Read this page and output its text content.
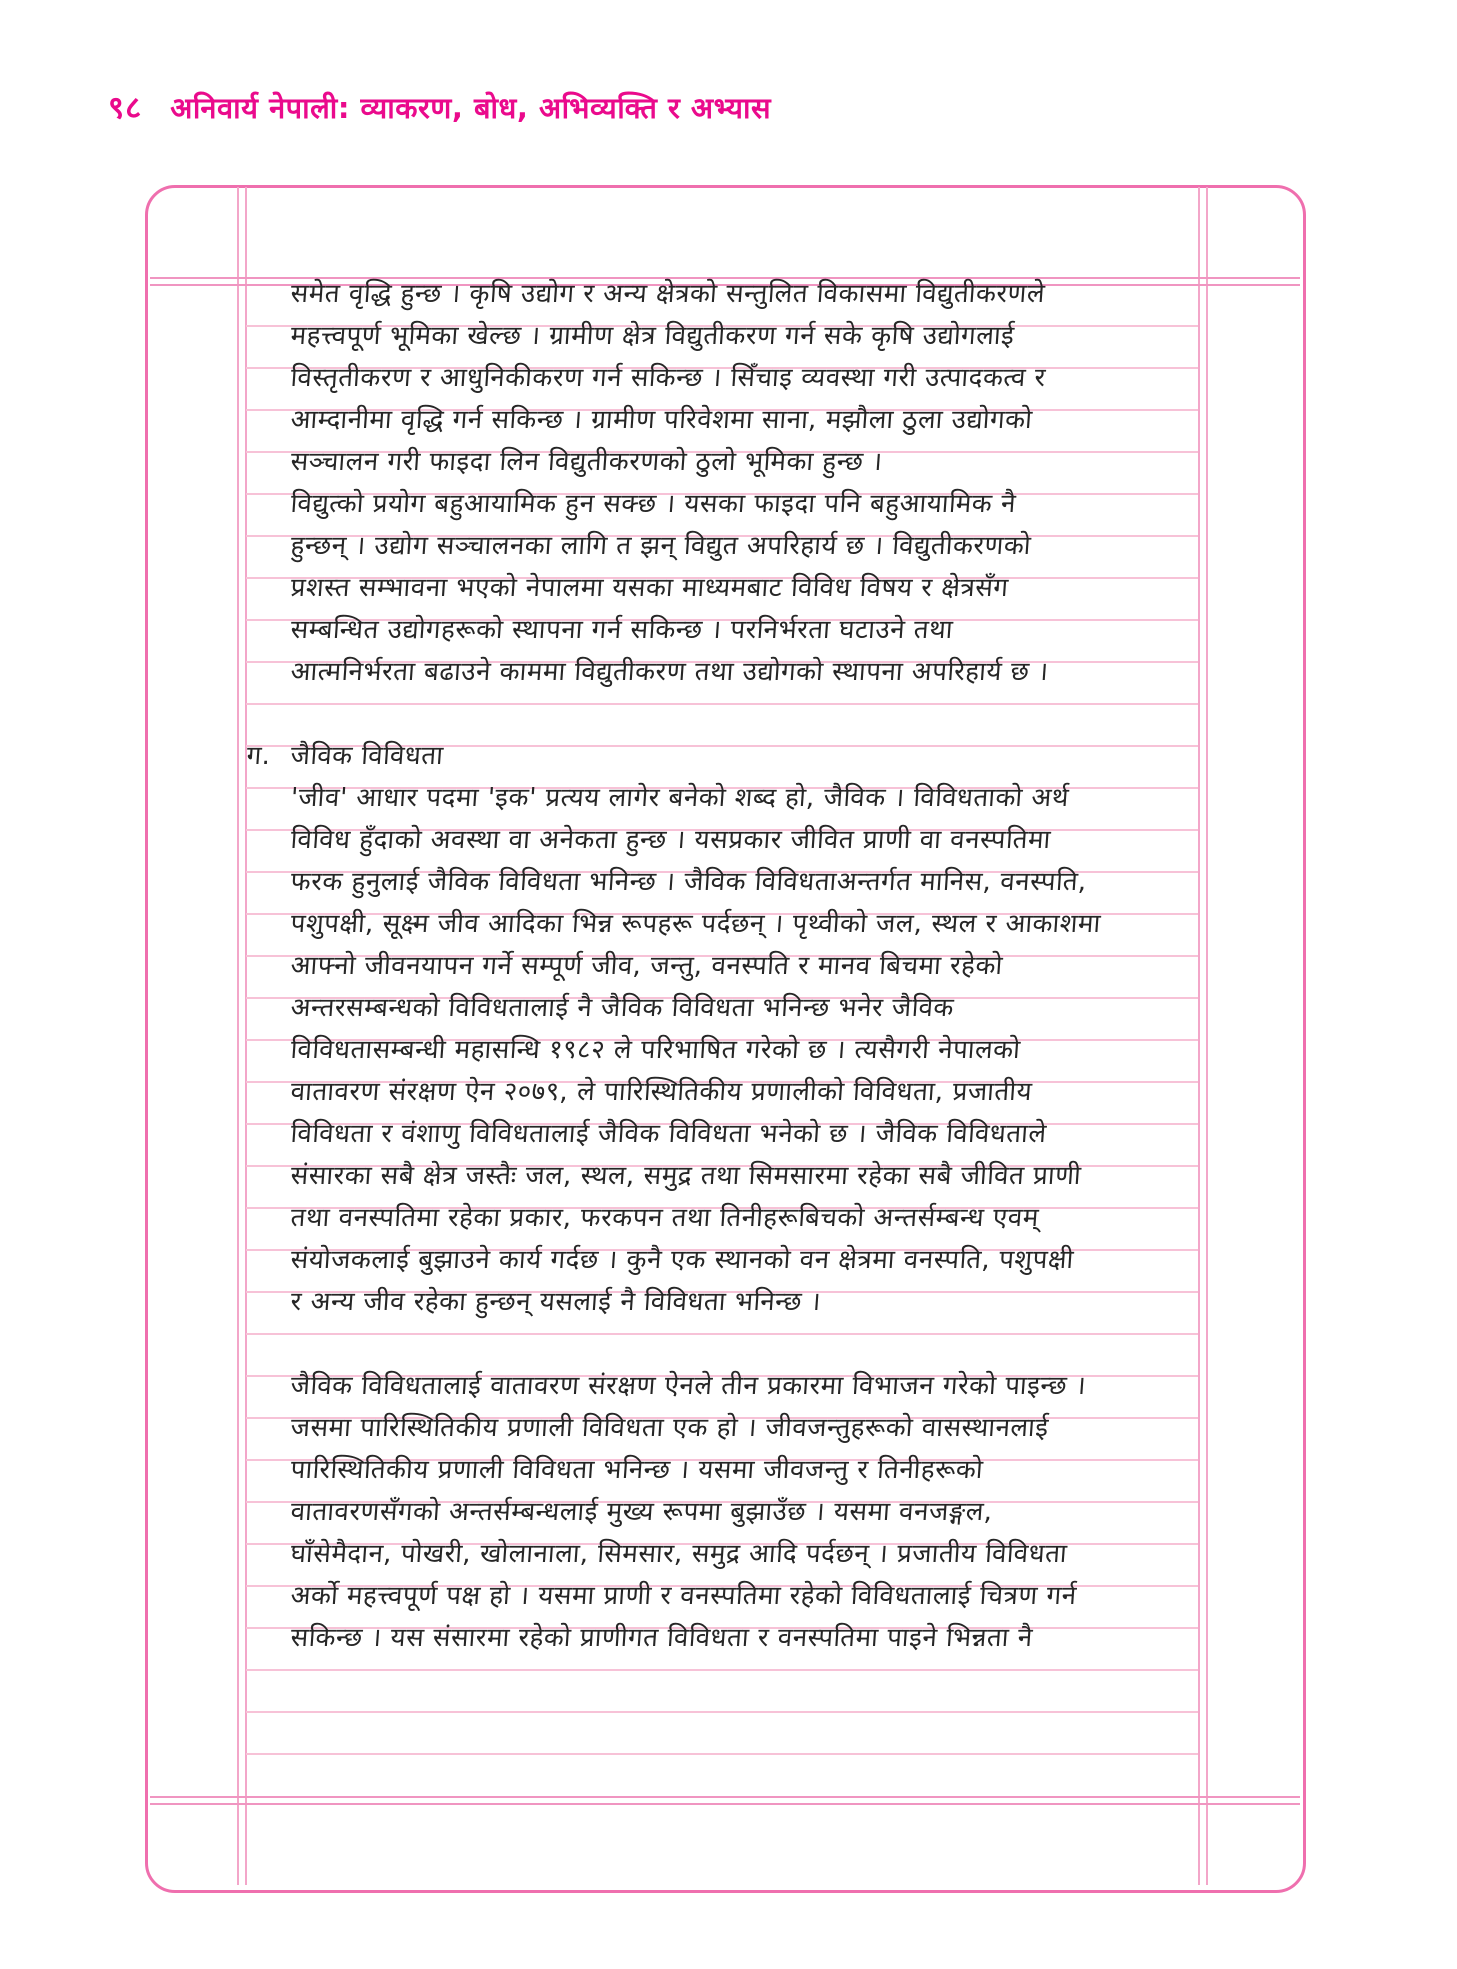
९८ अनिवार्य नेपाली: व्याकरण, बोध, अभिव्यक्ति र अभ्यास
समेत वृद्धि हुन्छ । कृषि उद्योग र अन्य क्षेत्रको सन्तुलित विकासमा विद्युतीकरणले
महत्त्वपूर्ण भूमिका खेल्छ । ग्रामीण क्षेत्र विद्युतीकरण गर्न सके कृषि उद्योगलाई
विस्तृतीकरण र आधुनिकीकरण गर्न सकिन्छ । सिँचाइ व्यवस्था गरी उत्पादकत्व र
आम्दानीमा वृद्धि गर्न सकिन्छ । ग्रामीण परिवेशमा साना, मझौला ठुला उद्योगको
सञ्चालन गरी फाइदा लिन विद्युतीकरणको ठुलो भूमिका हुन्छ ।
विद्युत्को प्रयोग बहुआयामिक हुन सक्छ । यसका फाइदा पनि बहुआयामिक नै
हुन्छन् । उद्योग सञ्चालनका लागि त झन् विद्युत अपरिहार्य छ । विद्युतीकरणको
प्रशस्त सम्भावना भएको नेपालमा यसका माध्यमबाट विविध विषय र क्षेत्रसँग
सम्बन्धित उद्योगहरूको स्थापना गर्न सकिन्छ । परनिर्भरता घटाउने तथा
आत्मनिर्भरता बढाउने काममा विद्युतीकरण तथा उद्योगको स्थापना अपरिहार्य छ ।
ग. जैविक विविधता
'जीव' आधार पदमा 'इक' प्रत्यय लागेर बनेको शब्द हो, जैविक । विविधताको अर्थ
विविध हुँदाको अवस्था वा अनेकता हुन्छ । यसप्रकार जीवित प्राणी वा वनस्पतिमा
फरक हुनुलाई जैविक विविधता भनिन्छ । जैविक विविधताअन्तर्गत मानिस, वनस्पति,
पशुपक्षी, सूक्ष्म जीव आदिका भिन्न रूपहरू पर्दछन् । पृथ्वीको जल, स्थल र आकाशमा
आफ्नो जीवनयापन गर्ने सम्पूर्ण जीव, जन्तु, वनस्पति र मानव बिचमा रहेको
अन्तरसम्बन्धको विविधतालाई नै जैविक विविधता भनिन्छ भनेर जैविक
विविधतासम्बन्धी महासन्धि १९८२ ले परिभाषित गरेको छ । त्यसैगरी नेपालको
वातावरण संरक्षण ऐन २०७९, ले पारिस्थितिकीय प्रणालीको विविधता, प्रजातीय
विविधता र वंशाणु विविधतालाई जैविक विविधता भनेको छ । जैविक विविधताले
संसारका सबै क्षेत्र जस्तैः जल, स्थल, समुद्र तथा सिमसारमा रहेका सबै जीवित प्राणी
तथा वनस्पतिमा रहेका प्रकार, फरकपन तथा तिनीहरूबिचको अन्तर्सम्बन्ध एवम्
संयोजकलाई बुझाउने कार्य गर्दछ । कुनै एक स्थानको वन क्षेत्रमा वनस्पति, पशुपक्षी
र अन्य जीव रहेका हुन्छन् यसलाई नै विविधता भनिन्छ ।
जैविक विविधतालाई वातावरण संरक्षण ऐनले तीन प्रकारमा विभाजन गरेको पाइन्छ ।
जसमा पारिस्थितिकीय प्रणाली विविधता एक हो । जीवजन्तुहरूको वासस्थानलाई
पारिस्थितिकीय प्रणाली विविधता भनिन्छ । यसमा जीवजन्तु र तिनीहरूको
वातावरणसँगको अन्तर्सम्बन्धलाई मुख्य रूपमा बुझाउँछ । यसमा वनजङ्गल,
घाँसेमैदान, पोखरी, खोलानाला, सिमसार, समुद्र आदि पर्दछन् । प्रजातीय विविधता
अर्को महत्त्वपूर्ण पक्ष हो । यसमा प्राणी र वनस्पतिमा रहेको विविधतालाई चित्रण गर्न
सकिन्छ । यस संसारमा रहेको प्राणीगत विविधता र वनस्पतिमा पाइने भिन्नता नै
